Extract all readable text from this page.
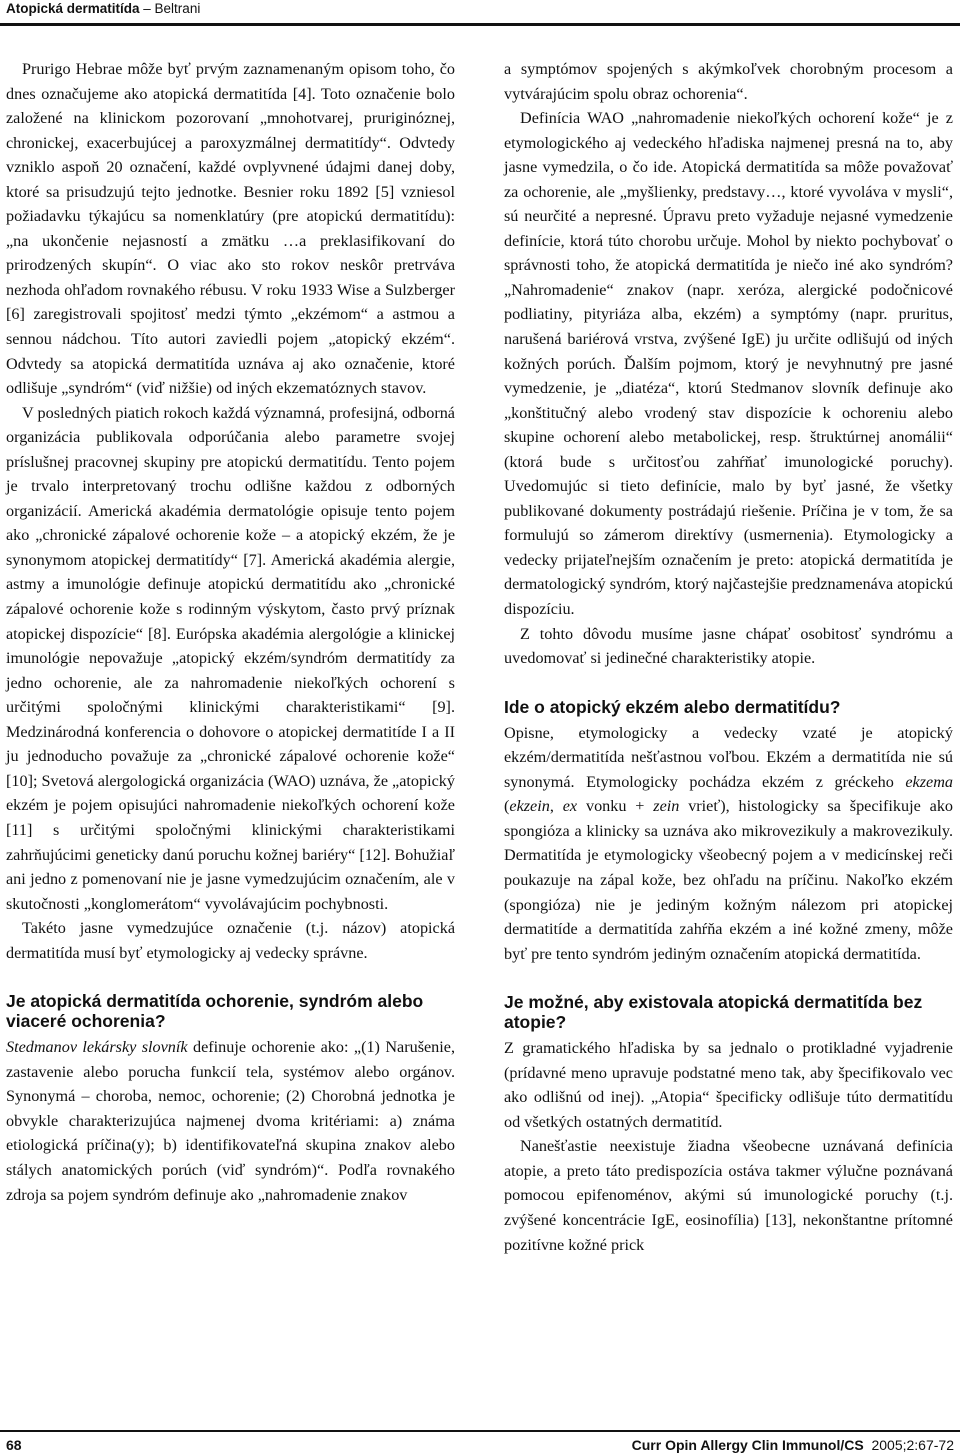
Atopická dermatitída – Beltrani

Prurigo Hebrae môže byť prvým zaznamenaným opisom toho, čo dnes označujeme ako atopická dermatitída [4]. Toto označenie bolo založené na klinickom pozorovaní „mnohotvarej, pruriginóznej, chronickej, exacerbujúcej a paroxyzmálnej dermatitídy“. Odvtedy vzniklo aspoň 20 označení, každé ovplyvnené údajmi danej doby, ktoré sa prisudzujú tejto jednotke. Besnier roku 1892 [5] vzniesol požiadavku týkajúcu sa nomenklatúry (pre atopickú dermatitídu): „na ukončenie nejasností a zmätku …a preklasifikovaní do prirodzených skupín“. O viac ako sto rokov neskôr pretrváva nezhoda ohľadom rovnakého rébusu. V roku 1933 Wise a Sulzberger [6] zaregistrovali spojitosť medzi týmto „ekzémom“ a astmou a sennou nádchou. Títo autori zaviedli pojem „atopický ekzém“. Odvtedy sa atopická dermatitída uznáva aj ako označenie, ktoré odlišuje „syndróm“ (viď nižšie) od iných ekzematóznych stavov.

V posledných piatich rokoch každá významná, profesijná, odborná organizácia publikovala odporúčania alebo parametre svojej príslušnej pracovnej skupiny pre atopickú dermatitídu. Tento pojem je trvalo interpretovaný trochu odlišne každou z odborných organizácií. Americká akadémia dermatológie opisuje tento pojem ako „chronické zápalové ochorenie kože – a atopický ekzém, že je synonymom atopickej dermatitídy“ [7]. Americká akadémia alergie, astmy a imunológie definuje atopickú dermatitídu ako „chronické zápalové ochorenie kože s rodinným výskytom, často prvý príznak atopickej dispozície“ [8]. Európska akadémia alergológie a klinickej imunológie nepovažuje „atopický ekzém/syndróm dermatitídy za jedno ochorenie, ale za nahromadenie niekoľkých ochorení s určitými spoločnými klinickými charakteristikami“ [9]. Medzinárodná konferencia o dohovore o atopickej dermatitíde I a II ju jednoducho považuje za „chronické zápalové ochorenie kože“ [10]; Svetová alergologická organizácia (WAO) uznáva, že „atopický ekzém je pojem opisujúci nahromadenie niekoľkých ochorení kože [11] s určitými spoločnými klinickými charakteristikami zahrňujúcimi geneticky danú poruchu kožnej bariéry“ [12]. Bohužiaľ ani jedno z pomenovaní nie je jasne vymedzujúcim označením, ale v skutočnosti „konglomerátom“ vyvolávajúcim pochybnosti.

Takéto jasne vymedzujúce označenie (t.j. názov) atopická dermatitída musí byť etymologicky aj vedecky správne.

Je atopická dermatitída ochorenie, syndróm alebo viaceré ochorenia?

Stedmanov lekársky slovník definuje ochorenie ako: „(1) Narušenie, zastavenie alebo porucha funkcií tela, systémov alebo orgánov. Synonymá – choroba, nemoc, ochorenie; (2) Chorobná jednotka je obvykle charakterizujúca najmenej dvoma kritériami: a) známa etiologická príčina(y); b) identifikovateľná skupina znakov alebo stálych anatomických porúch (viď syndróm)“. Podľa rovnakého zdroja sa pojem syndróm definuje ako „nahromadenie znakov

a symptómov spojených s akýmkoľvek chorobným procesom a vytvárajúcim spolu obraz ochorenia“.

Definícia WAO „nahromadenie niekoľkých ochorení kože“ je z etymologického aj vedeckého hľadiska najmenej presná na to, aby jasne vymedzila, o čo ide. Atopická dermatitída sa môže považovať za ochorenie, ale „myšlienky, predstavy…, ktoré vyvoláva v mysli“, sú neurčité a nepresné. Úpravu preto vyžaduje nejasné vymedzenie definície, ktorá túto chorobu určuje. Mohol by niekto pochybovať o správnosti toho, že atopická dermatitída je niečo iné ako syndróm? „Nahromadenie“ znakov (napr. xeróza, alergické podočnicové podliatiny, pityriáza alba, ekzém) a symptómy (napr. pruritus, narušená bariérová vrstva, zvýšené IgE) ju určite odlišujú od iných kožných porúch. Ďalším pojmom, ktorý je nevyhnutný pre jasné vymedzenie, je „diatéza“, ktorú Stedmanov slovník definuje ako „konštitučný alebo vrodený stav dispozície k ochoreniu alebo skupine ochorení alebo metabolickej, resp. štruktúrnej anomálii“ (ktorá bude s určitosťou zahŕňať imunologické poruchy). Uvedomujúc si tieto definície, malo by byť jasné, že všetky publikované dokumenty postrádajú riešenie. Príčina je v tom, že sa formulujú so zámerom direktívy (usmernenia). Etymologicky a vedecky prijateľnejším označením je preto: atopická dermatitída je dermatologický syndróm, ktorý najčastejšie predznamenáva atopickú dispozíciu.

Z tohto dôvodu musíme jasne chápať osobitosť syndrómu a uvedomovať si jedinečné charakteristiky atopie.

Ide o atopický ekzém alebo dermatitídu?

Opisne, etymologicky a vedecky vzaté je atopický ekzém/dermatitída nešťastnou voľbou. Ekzém a dermatitída nie sú synonymá. Etymologicky pochádza ekzém z gréckeho ekzema (ekzein, ex vonku + zein vrieť), histologicky sa špecifikuje ako spongióza a klinicky sa uznáva ako mikrovezikuly a makrovezikuly. Dermatitída je etymologicky všeobecný pojem a v medicínskej reči poukazuje na zápal kože, bez ohľadu na príčinu. Nakoľko ekzém (spongióza) nie je jediným kožným nálezom pri atopickej dermatitíde a dermatitída zahŕňa ekzém a iné kožné zmeny, môže byť pre tento syndróm jediným označením atopická dermatitída.

Je možné, aby existovala atopická dermatitída bez atopie?

Z gramatického hľadiska by sa jednalo o protikladné vyjadrenie (prídavné meno upravuje podstatné meno tak, aby špecifikovalo vec ako odlišnú od inej). „Atopia“ špecificky odlišuje túto dermatitídu od všetkých ostatných dermatitíd.

Nanešťastie neexistuje žiadna všeobecne uznávaná definícia atopie, a preto táto predispozícia ostáva takmer výlučne poznávaná pomocou epifenoménov, akými sú imunologické poruchy (t.j. zvýšené koncentrácie IgE, eosinofília) [13], nekonštantne prítomné pozitívne kožné prick

68	Curr Opin Allergy Clin Immunol/CS 2005;2:67-72
